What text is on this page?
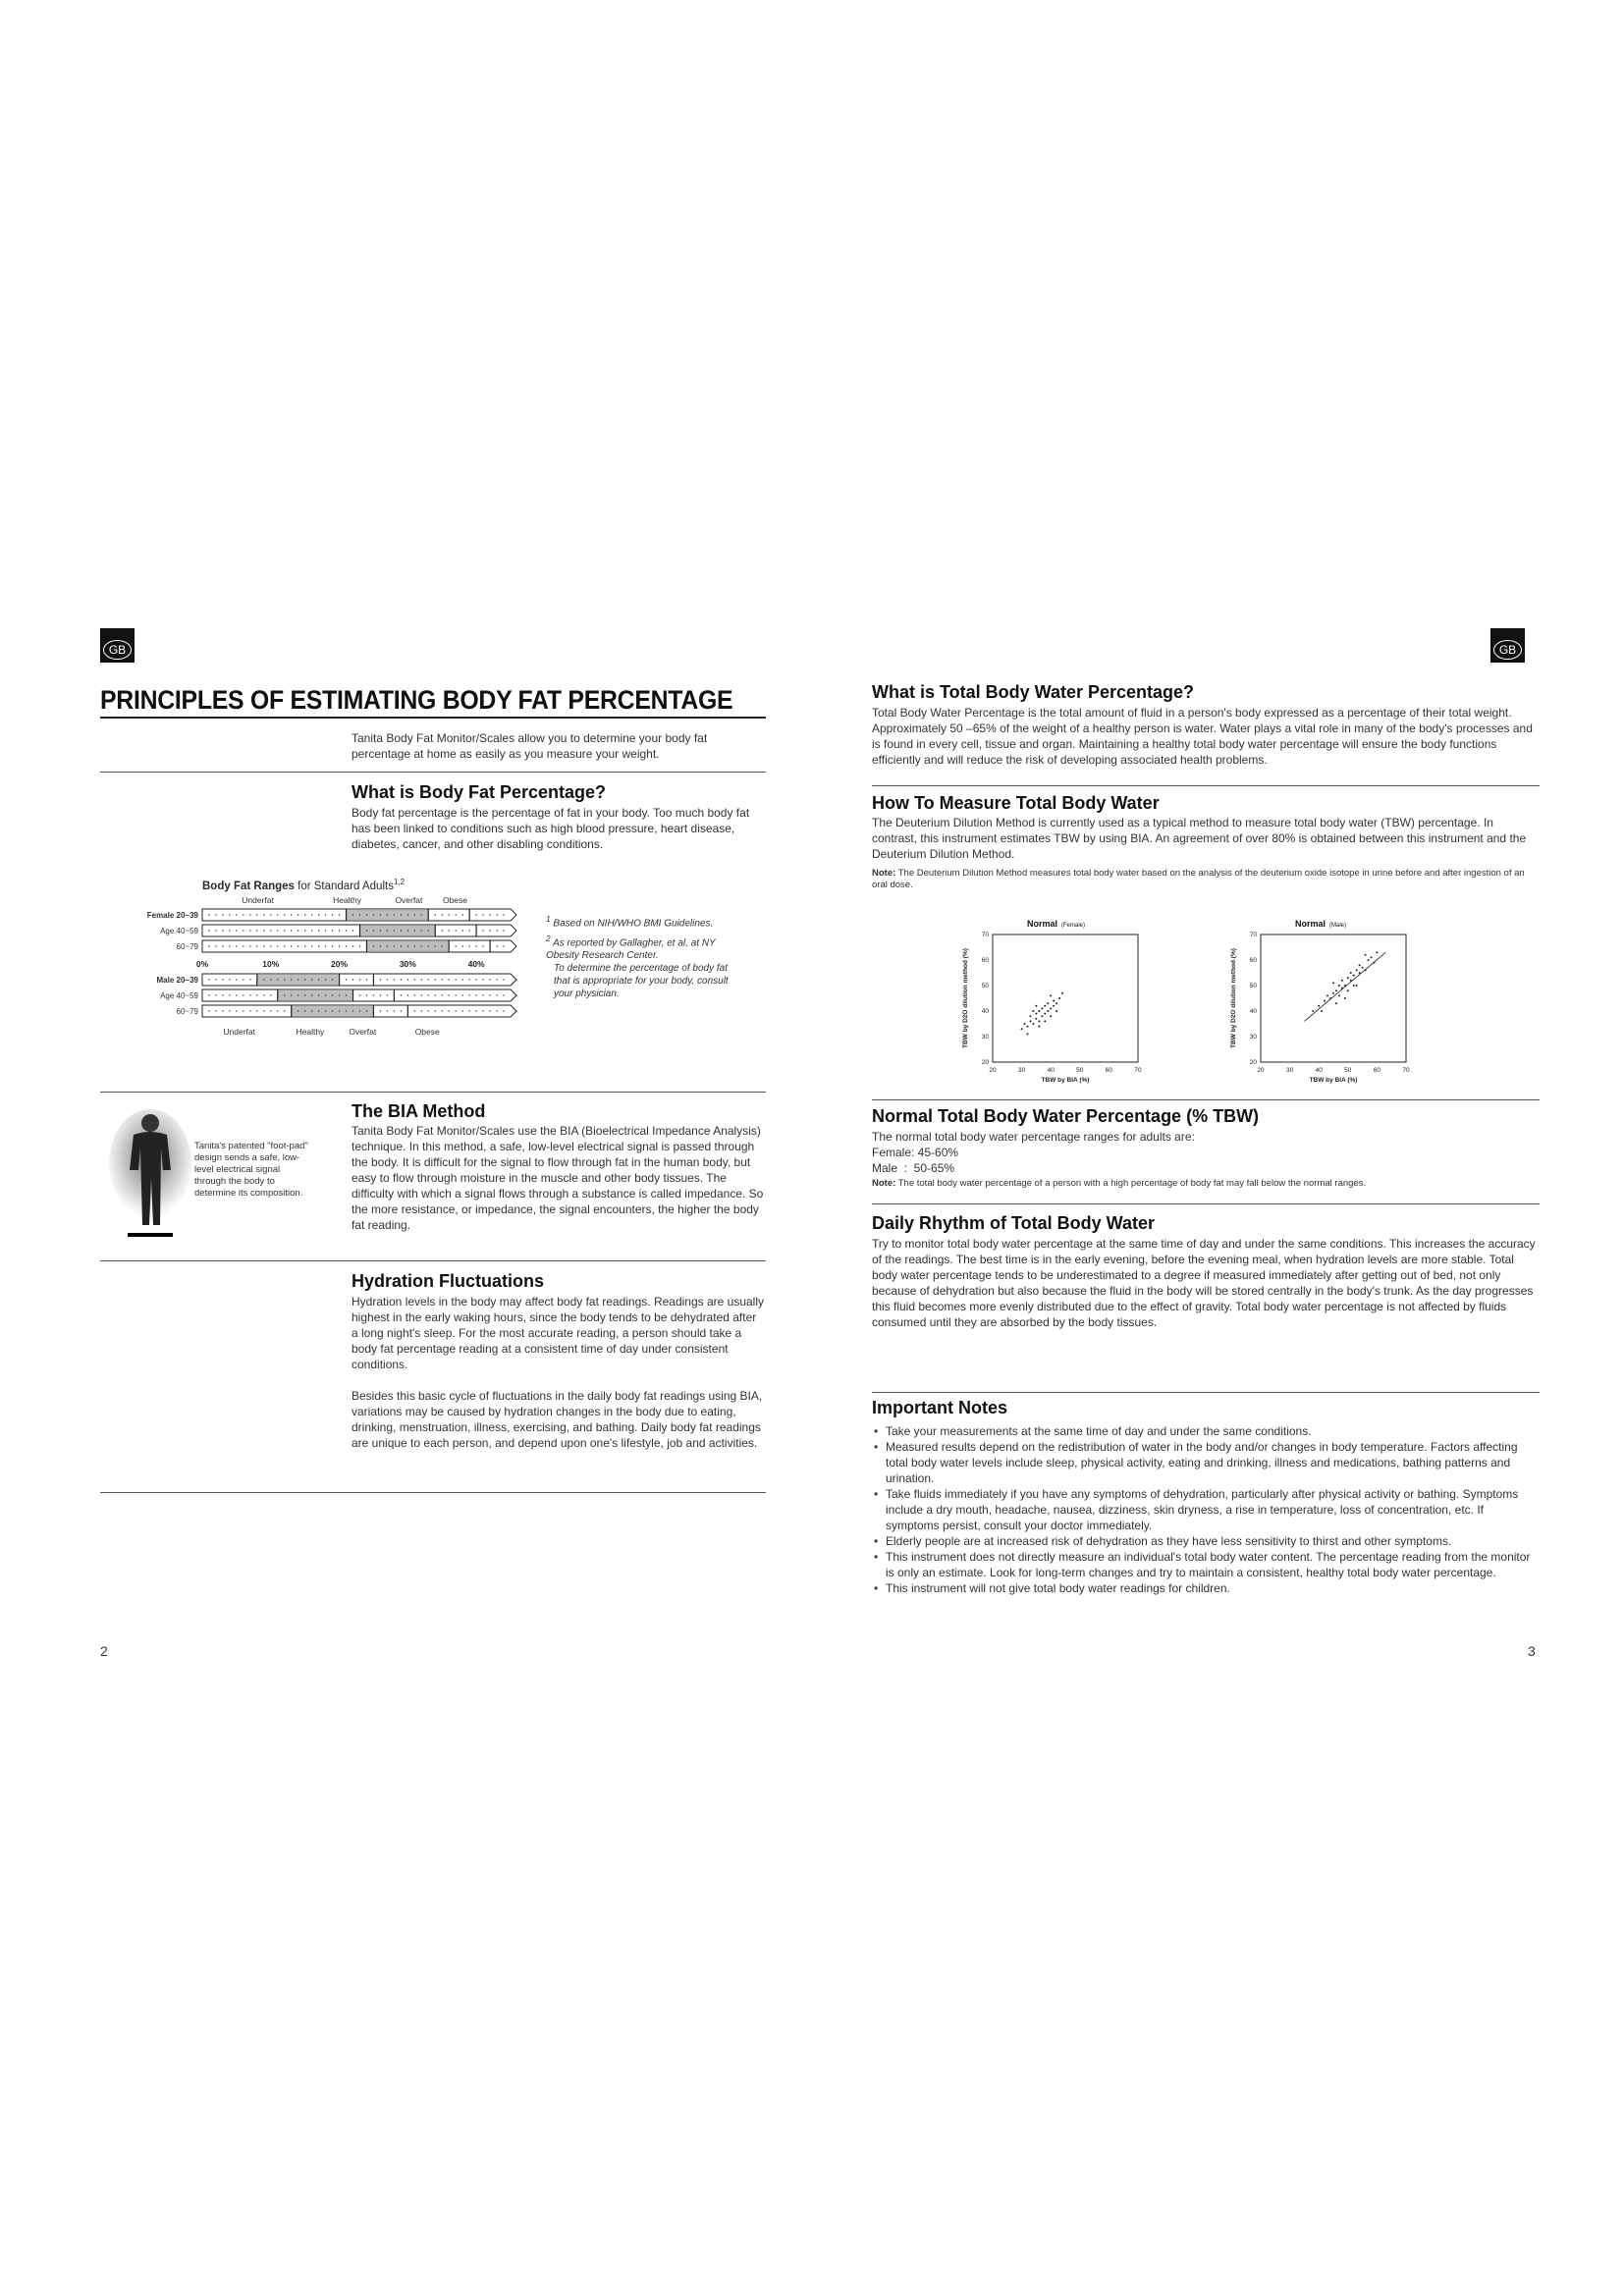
GB
PRINCIPLES OF ESTIMATING BODY FAT PERCENTAGE
Tanita Body Fat Monitor/Scales allow you to determine your body fat percentage at home as easily as you measure your weight.
What is Body Fat Percentage?
Body fat percentage is the percentage of fat in your body. Too much body fat has been linked to conditions such as high blood pressure, heart disease, diabetes, cancer, and other disabling conditions.
Body Fat Ranges for Standard Adults$^{1,2}$
Underfat	Healthy	Overfat Obese
Female 20~39
Age 40~59
60~79
0%	10%	20%	30%	40%
Male 20~39
Age 40~59
60~79
Underfat	Healthy	Overfat	Obese
$^1$ Based on NIH/WHO BMI Guidelines.
$^2$ As reported by Gallagher, et al, at NY Obesity Research Center.
To determine the percentage of body fat that is appropriate for your body, consult your physician.
Tanita's patented "foot-pad" design sends a safe, low-level electrical signal through the body to determine its composition.
The BIA Method
Tanita Body Fat Monitor/Scales use the BIA (Bioelectrical Impedance Analysis) technique. In this method, a safe, low-level electrical signal is passed through the body. It is difficult for the signal to flow through fat in the human body, but easy to flow through moisture in the muscle and other body tissues. The difficulty with which a signal flows through a substance is called impedance. So the more resistance, or impedance, the signal encounters, the higher the body fat reading.
Hydration Fluctuations
Hydration levels in the body may affect body fat readings. Readings are usually highest in the early waking hours, since the body tends to be dehydrated after a long night's sleep. For the most accurate reading, a person should take a body fat percentage reading at a consistent time of day under consistent conditions.
Besides this basic cycle of fluctuations in the daily body fat readings using BIA, variations may be caused by hydration changes in the body due to eating, drinking, menstruation, illness, exercising, and bathing. Daily body fat readings are unique to each person, and depend upon one's lifestyle, job and activities.
2
GB
What is Total Body Water Percentage?
Total Body Water Percentage is the total amount of fluid in a person's body expressed as a percentage of their total weight. Approximately 50 –65% of the weight of a healthy person is water. Water plays a vital role in many of the body's processes and is found in every cell, tissue and organ. Maintaining a healthy total body water percentage will ensure the body functions efficiently and will reduce the risk of developing associated health problems.
How To Measure Total Body Water
The Deuterium Dilution Method is currently used as a typical method to measure total body water (TBW) percentage. In contrast, this instrument estimates TBW by using BIA. An agreement of over 80% is obtained between this instrument and the Deuterium Dilution Method.
Note: The Deuterium Dilution Method measures total body water based on the analysis of the deuterium oxide isotope in urine before and after ingestion of an oral dose.
Normal (Female)
20	30	40	50	60	70
20
30
40
50
60
70
TBW by BIA (%)
TBW by D2O dilution method (%)
Normal (Male)
20	30	40	50	60	70
20
30
40
50
60
70
TBW by BIA (%)
TBW by D2O dilution method (%)
Normal Total Body Water Percentage (% TBW)
The normal total body water percentage ranges for adults are:
Female: 45-60%
Male  :  50-65%
Note: The total body water percentage of a person with a high percentage of body fat may fall below the normal ranges.
Daily Rhythm of Total Body Water
Try to monitor total body water percentage at the same time of day and under the same conditions. This increases the accuracy of the readings. The best time is in the early evening, before the evening meal, when hydration levels are more stable. Total body water percentage tends to be underestimated to a degree if measured immediately after getting out of bed, not only because of dehydration but also because the fluid in the body will be stored centrally in the body's trunk. As the day progresses this fluid becomes more evenly distributed due to the effect of gravity. Total body water percentage is not affected by fluids consumed until they are absorbed by the body tissues.
Important Notes
• Take your measurements at the same time of day and under the same conditions.
• Measured results depend on the redistribution of water in the body and/or changes in body temperature. Factors affecting total body water levels include sleep, physical activity, eating and drinking, illness and medications, bathing patterns and urination.
• Take fluids immediately if you have any symptoms of dehydration, particularly after physical activity or bathing. Symptoms include a dry mouth, headache, nausea, dizziness, skin dryness, a rise in temperature, loss of concentration, etc. If symptoms persist, consult your doctor immediately.
• Elderly people are at increased risk of dehydration as they have less sensitivity to thirst and other symptoms.
• This instrument does not directly measure an individual's total body water content. The percentage reading from the monitor is only an estimate. Look for long-term changes and try to maintain a consistent, healthy total body water percentage.
• This instrument will not give total body water readings for children.
3
